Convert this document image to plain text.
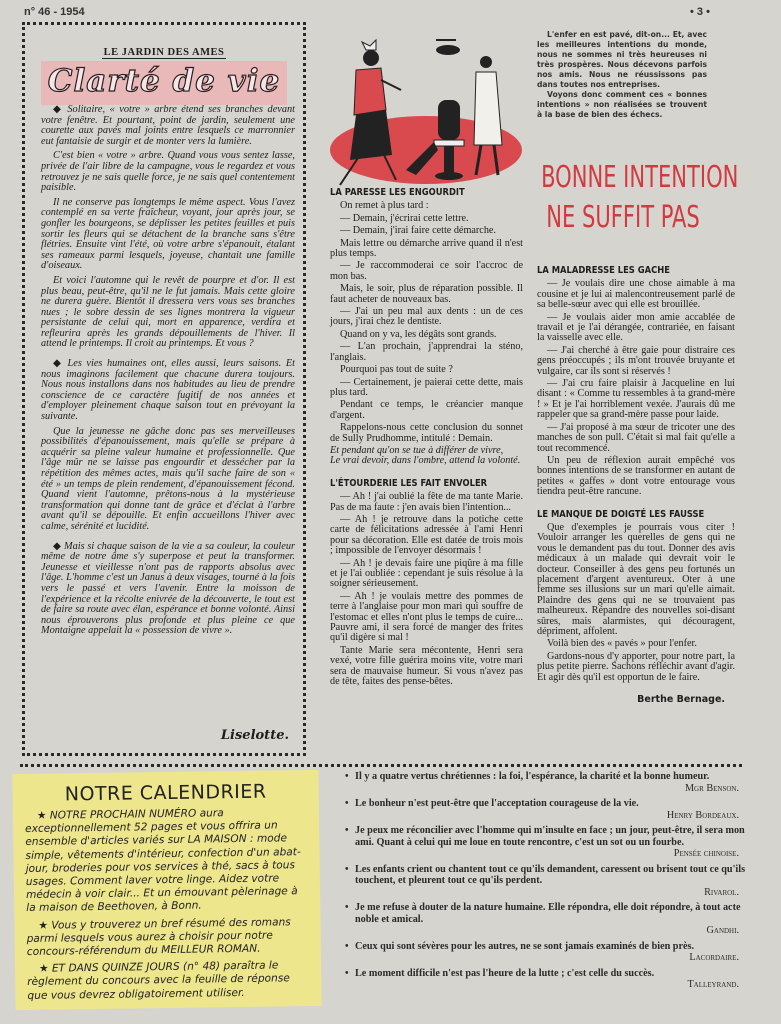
n° 46 - 1954	• 3 •
LE JARDIN DES AMES
Clarté de vie

◆ Solitaire, « votre » arbre étend ses branches devant votre fenêtre. Et pourtant, point de jardin, seulement une courette aux pavés mal joints entre lesquels ce marronnier eut fantaisie de surgir et de monter vers la lumière.

C'est bien « votre » arbre. Quand vous vous sentez lasse, privée de l'air libre de la campagne, vous le regardez et vous retrouvez je ne sais quelle force, je ne sais quel contentement paisible.

Il ne conserve pas longtemps le même aspect. Vous l'avez contemplé en sa verte fraîcheur, voyant, jour après jour, se gonfler les bourgeons, se déplisser les petites feuilles et puis sortir les fleurs qui se détachent de la branche sans s'être flétries. Ensuite vint l'été, où votre arbre s'épanouit, étalant ses rameaux parmi lesquels, joyeuse, chantait une famille d'oiseaux.

Et voici l'automne qui le revêt de pourpre et d'or. Il est plus beau, peut-être, qu'il ne le fut jamais. Mais cette gloire ne durera guère. Bientôt il dressera vers vous ses branches nues ; le sobre dessin de ses lignes montrera la vigueur persistante de celui qui, mort en apparence, verdira et refleurira après les grands dépouillements de l'hiver. Il attend le printemps. Il croit au printemps. Et vous ?

◆ Les vies humaines ont, elles aussi, leurs saisons. Et nous imaginons facilement que chacune durera toujours. Nous nous installons dans nos habitudes au lieu de prendre conscience de ce caractère fugitif de nos années et d'employer pleinement chaque saison tout en prévoyant la suivante.

Que la jeunesse ne gâche donc pas ses merveilleuses possibilités d'épanouissement, mais qu'elle se prépare à acquérir sa pleine valeur humaine et professionnelle. Que l'âge mûr ne se laisse pas engourdir et dessécher par la répétition des mêmes actes, mais qu'il sache faire de son « été » un temps de plein rendement, d'épanouissement fécond. Quand vient l'automne, prêtons-nous à la mystérieuse transformation qui donne tant de grâce et d'éclat à l'arbre avant qu'il se dépouille. Et enfin accueillons l'hiver avec calme, sérénité et lucidité.

◆ Mais si chaque saison de la vie a sa couleur, la couleur même de notre âme s'y superpose et peut la transformer. Jeunesse et vieillesse n'ont pas de rapports absolus avec l'âge. L'homme c'est un Janus à deux visages, tourné à la fois vers le passé et vers l'avenir. Entre la moisson de l'expérience et la récolte enivrée de la découverte, le tout est de faire sa route avec élan, espérance et bonne volonté. Ainsi nous éprouverons plus profonde et plus pleine ce que Montaigne appelait la « possession de vivre ».

Liselotte.

L'enfer en est pavé, dit-on... Et, avec les meilleures intentions du monde, nous ne sommes ni très heureuses ni très prospères. Nous décevons parfois nos amis. Nous ne réussissons pas dans toutes nos entreprises.

Voyons donc comment ces « bonnes intentions » non réalisées se trouvent à la base de bien des échecs.

BONNE INTENTION
NE SUFFIT PAS
LA PARESSE LES ENGOURDIT

On remet à plus tard :

— Demain, j'écrirai cette lettre.

— Demain, j'irai faire cette démarche.

Mais lettre ou démarche arrive quand il n'est plus temps.

— Je raccommoderai ce soir l'accroc de mon bas.

Mais, le soir, plus de réparation possible. Il faut acheter de nouveaux bas.

— J'ai un peu mal aux dents : un de ces jours, j'irai chez le dentiste.

Quand on y va, les dégâts sont grands.

— L'an prochain, j'apprendrai la sténo, l'anglais.

Pourquoi pas tout de suite ?

— Certainement, je paierai cette dette, mais plus tard.

Pendant ce temps, le créancier manque d'argent.

Rappelons-nous cette conclusion du sonnet de Sully Prudhomme, intitulé : Demain.

Et pendant qu'on se tue à différer de vivre,

Le vrai devoir, dans l'ombre, attend la volonté.

L'ÉTOURDERIE LES FAIT ENVOLER

— Ah ! j'ai oublié la fête de ma tante Marie. Pas de ma faute : j'en avais bien l'intention...

— Ah ! je retrouve dans la potiche cette carte de félicitations adressée à l'ami Henri pour sa décoration. Elle est datée de trois mois ; impossible de l'envoyer désormais !

— Ah ! je devais faire une piqûre à ma fille et je l'ai oubliée : cependant je suis résolue à la soigner sérieusement.

— Ah ! je voulais mettre des pommes de terre à l'anglaise pour mon mari qui souffre de l'estomac et elles n'ont plus le temps de cuire... Pauvre ami, il sera forcé de manger des frites qu'il digère si mal !

Tante Marie sera mécontente, Henri sera vexé, votre fille guérira moins vite, votre mari sera de mauvaise humeur. Si vous n'avez pas de tête, faites des pense-bêtes.

LA MALADRESSE LES GACHE

— Je voulais dire une chose aimable à ma cousine et je lui ai malencontreusement parlé de sa belle-sœur avec qui elle est brouillée.

— Je voulais aider mon amie accablée de travail et je l'ai dérangée, contrariée, en faisant la vaisselle avec elle.

— J'ai cherché à être gaie pour distraire ces gens préoccupés ; ils m'ont trouvée bruyante et vulgaire, car ils sont si réservés !

— J'ai cru faire plaisir à Jacqueline en lui disant : « Comme tu ressembles à ta grand-mère ! » Et je l'ai horriblement vexée. J'aurais dû me rappeler que sa grand-mère passe pour laide.

— J'ai proposé à ma sœur de tricoter une des manches de son pull. C'était si mal fait qu'elle a tout recommencé.

Un peu de réflexion aurait empêché vos bonnes intentions de se transformer en autant de petites « gaffes » dont votre entourage vous tiendra peut-être rancune.

LE MANQUE DE DOIGTÉ LES FAUSSE

Que d'exemples je pourrais vous citer ! Vouloir arranger les querelles de gens qui ne vous le demandent pas du tout. Donner des avis médicaux à un malade qui devrait voir le docteur. Conseiller à des gens peu fortunés un placement d'argent aventureux. Oter à une femme ses illusions sur un mari qu'elle aimait. Plaindre des gens qui ne se trouvaient pas malheureux. Répandre des nouvelles soi-disant sûres, mais alarmistes, qui découragent, dépriment, affolent.

Voilà bien des « pavés » pour l'enfer.

Gardons-nous d'y apporter, pour notre part, la plus petite pierre. Sachons réfléchir avant d'agir. Et agir dès qu'il est opportun de le faire.

Berthe Bernage.
NOTRE CALENDRIER

★ NOTRE PROCHAIN NUMÉRO aura exceptionnellement 52 pages et vous offrira un ensemble d'articles variés sur LA MAISON : mode simple, vêtements d'intérieur, confection d'un abat-jour, broderies pour vos services à thé, sacs à tous usages. Comment laver votre linge. Aidez votre médecin à voir clair... Et un émouvant pèlerinage à la maison de Beethoven, à Bonn.

★ Vous y trouverez un bref résumé des romans parmi lesquels vous aurez à choisir pour notre concours-référendum du MEILLEUR ROMAN.

★ ET DANS QUINZE JOURS (n° 48) paraîtra le règlement du concours avec la feuille de réponse que vous devrez obligatoirement utiliser.

• Il y a quatre vertus chrétiennes : la foi, l'espérance, la charité et la bonne humeur.
Mgr Benson.
• Le bonheur n'est peut-être que l'acceptation courageuse de la vie.
Henry Bordeaux.
• Je peux me réconcilier avec l'homme qui m'insulte en face ; un jour, peut-être, il sera mon ami. Quant à celui qui me loue en toute rencontre, c'est un sot ou un fourbe.
Pensée chinoise.
• Les enfants crient ou chantent tout ce qu'ils demandent, caressent ou brisent tout ce qu'ils touchent, et pleurent tout ce qu'ils perdent.
Rivarol.
• Je me refuse à douter de la nature humaine. Elle répondra, elle doit répondre, à tout acte noble et amical.
Gandhi.
• Ceux qui sont sévères pour les autres, ne se sont jamais examinés de bien près.
Lacordaire.
• Le moment difficile n'est pas l'heure de la lutte ; c'est celle du succès.
Talleyrand.
